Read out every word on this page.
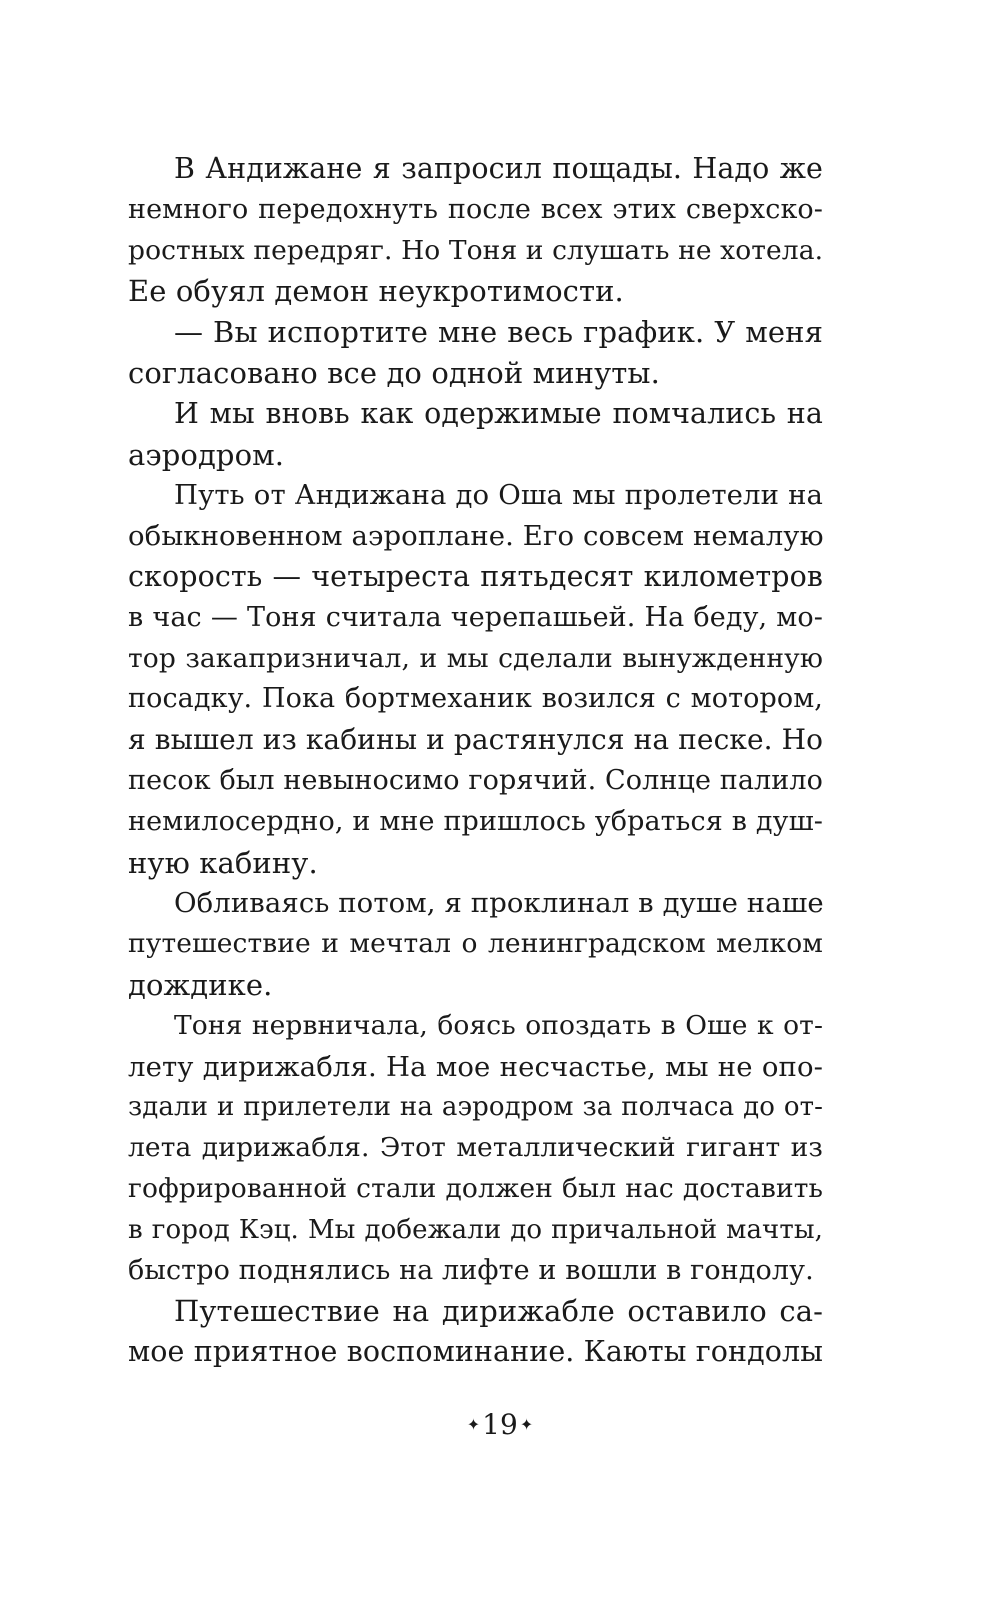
В Андижане я запросил пощады. Надо же
немного передохнуть после всех этих сверхско-
ростных передряг. Но Тоня и слушать не хотела.
Ее обуял демон неукротимости.
— Вы испортите мне весь график. У меня
согласовано все до одной минуты.
И мы вновь как одержимые помчались на
аэродром.
Путь от Андижана до Оша мы пролетели на
обыкновенном аэроплане. Его совсем немалую
скорость — четыреста пятьдесят километров
в час — Тоня считала черепашьей. На беду, мо-
тор закапризничал, и мы сделали вынужденную
посадку. Пока бортмеханик возился с мотором,
я вышел из кабины и растянулся на песке. Но
песок был невыносимо горячий. Солнце палило
немилосердно, и мне пришлось убраться в душ-
ную кабину.
Обливаясь потом, я проклинал в душе наше
путешествие и мечтал о ленинградском мелком
дождике.
Тоня нервничала, боясь опоздать в Оше к от-
лету дирижабля. На мое несчастье, мы не опо-
здали и прилетели на аэродром за полчаса до от-
лета дирижабля. Этот металлический гигант из
гофрированной стали должен был нас доставить
в город Кэц. Мы добежали до причальной мачты,
быстро поднялись на лифте и вошли в гондолу.
Путешествие на дирижабле оставило са-
мое приятное воспоминание. Каюты гондолы
✦19 ✦
